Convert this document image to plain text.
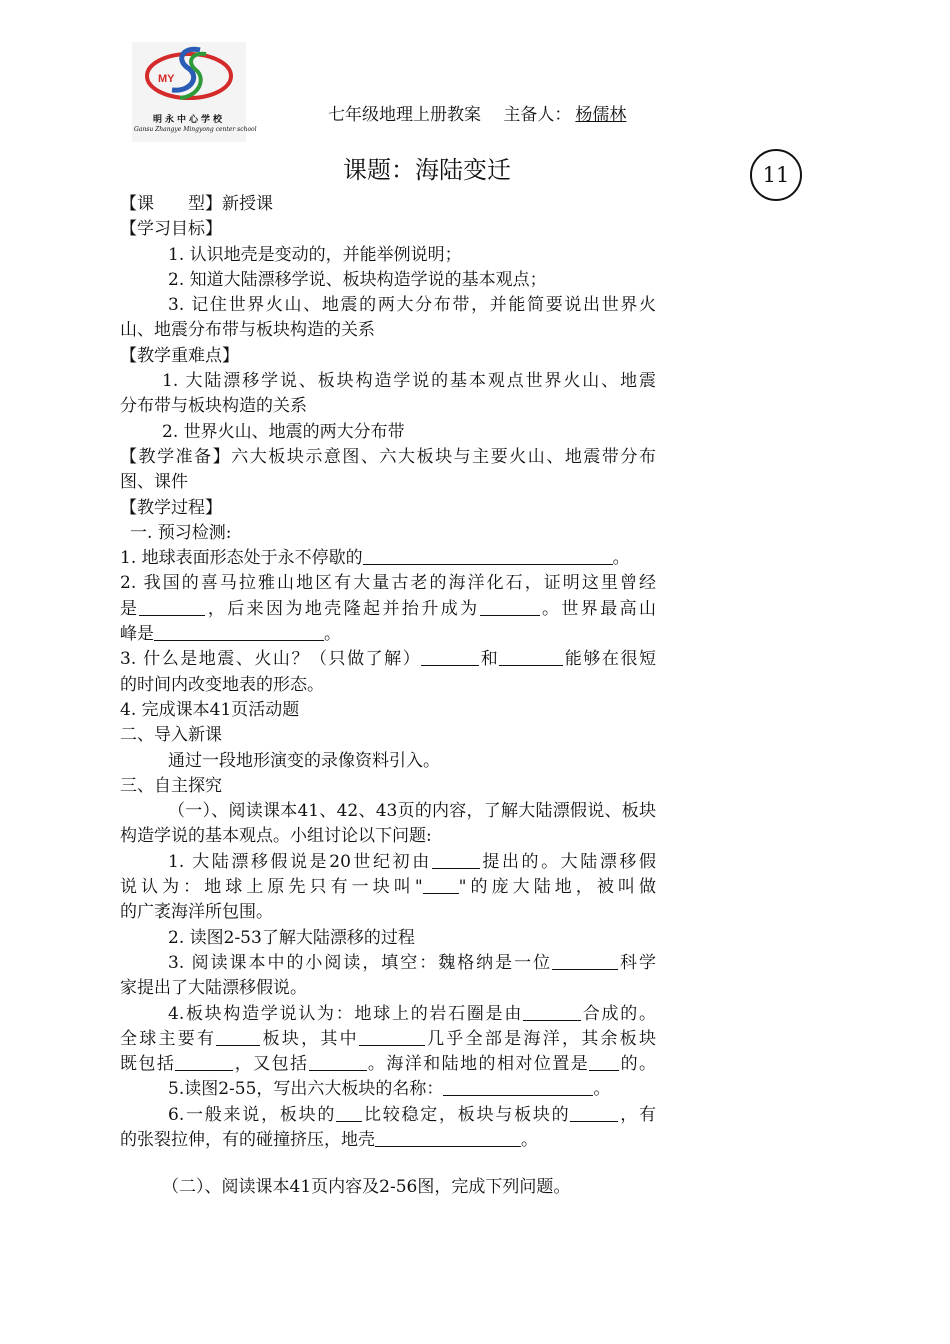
MY
明永中心学校
Gansu Zhangye Mingyong center school
七年级地理上册教案　 主备人： 杨儒林
课题：海陆变迁	11
【课　　型】新授课
【学习目标】
1. 认识地壳是变动的，并能举例说明；
2. 知道大陆漂移学说、板块构造学说的基本观点；
3. 记住世界火山、地震的两大分布带，并能简要说出世界火
山、地震分布带与板块构造的关系
【教学重难点】
1. 大陆漂移学说、板块构造学说的基本观点世界火山、地震
分布带与板块构造的关系
2. 世界火山、地震的两大分布带
【教学准备】六大板块示意图、六大板块与主要火山、地震带分布
图、课件
【教学过程】
一. 预习检测:
1. 地球表面形态处于永不停歇的	。
2. 我国的喜马拉雅山地区有大量古老的海洋化石，证明这里曾经
是	，后来因为地壳隆起并抬升成为	。世界最高山
峰是	。
3. 什么是地震、火山？（只做了解）	和	能够在很短
的时间内改变地表的形态。
4. 完成课本41页活动题
二、导入新课
通过一段地形演变的录像资料引入。
三、自主探究
（一）、阅读课本41、42、43页的内容，了解大陆漂假说、板块
构造学说的基本观点。小组讨论以下问题:
1. 大陆漂移假说是20世纪初由	提出的。大陆漂移假
说认为：地球上原先只有一块叫" "的庞大陆地，被叫做
的广袤海洋所包围。
2. 读图2-53了解大陆漂移的过程
3. 阅读课本中的小阅读，填空：魏格纳是一位	科学
家提出了大陆漂移假说。
4.板块构造学说认为：地球上的岩石圈是由	合成的。
全球主要有	板块，其中	几乎全部是海洋，其余板块
既包括	，又包括	。海洋和陆地的相对位置是 的。
5.读图2-55，写出六大板块的名称：	。
6.一般来说，板块的 比较稳定，板块与板块的	，有
的张裂拉伸，有的碰撞挤压，地壳	。
（二）、阅读课本41页内容及2-56图，完成下列问题。
